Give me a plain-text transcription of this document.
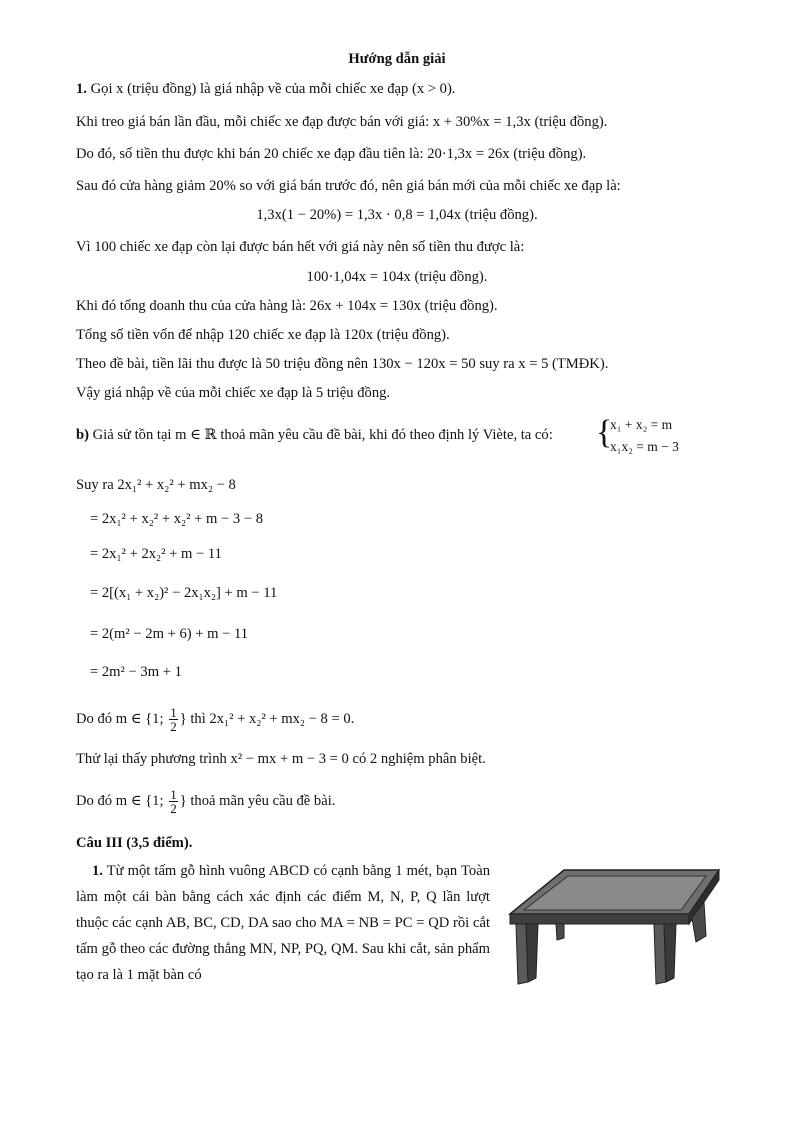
Hướng dẫn giải
1. Gọi x (triệu đồng) là giá nhập về của mỗi chiếc xe đạp (x > 0).
Khi treo giá bán lần đầu, mỗi chiếc xe đạp được bán với giá: x + 30%x = 1,3x (triệu đồng).
Do đó, số tiền thu được khi bán 20 chiếc xe đạp đầu tiên là: 20·1,3x = 26x (triệu đồng).
Sau đó cửa hàng giảm 20% so với giá bán trước đó, nên giá bán mới của mỗi chiếc xe đạp là:
1,3x(1 − 20%) = 1,3x · 0,8 = 1,04x (triệu đồng).
Vì 100 chiếc xe đạp còn lại được bán hết với giá này nên số tiền thu được là:
100·1,04x = 104x (triệu đồng).
Khi đó tổng doanh thu của cửa hàng là: 26x + 104x = 130x (triệu đồng).
Tổng số tiền vốn để nhập 120 chiếc xe đạp là 120x (triệu đồng).
Theo đề bài, tiền lãi thu được là 50 triệu đồng nên 130x − 120x = 50 suy ra x = 5 (TMĐK).
Vậy giá nhập về của mỗi chiếc xe đạp là 5 triệu đồng.
b) Giả sử tồn tại m ∈ ℝ thoả mãn yêu cầu đề bài, khi đó theo định lý Viète, ta có: {
x₁ + x₂ = m
x₁x₂ = m − 3
Suy ra 2x₁² + x₂² + mx₂ − 8
= 2x₁² + x₂² + x₂² + m − 3 − 8
= 2x₁² + 2x₂² + m − 11
= 2[(x₁ + x₂)² − 2x₁x₂] + m − 11
= 2(m² − 2m + 6) + m − 11
= 2m² − 3m + 1
Do đó m ∈ {1; $\frac{1}{2}$ } thì 2x₁² + x₂² + mx₂ − 8 = 0.
Thử lại thấy phương trình x² − mx + m − 3 = 0 có 2 nghiệm phân biệt.
Do đó m ∈ {1; $\frac{1}{2}$ } thoả mãn yêu cầu đề bài.
Câu III (3,5 điểm).
1. Từ một tấm gỗ hình vuông ABCD có cạnh bằng 1 mét, bạn Toàn làm một cái bàn bằng cách xác định các điểm M, N, P, Q lần lượt thuộc các cạnh AB, BC, CD, DA sao cho MA = NB = PC = QD rồi cắt tấm gỗ theo các đường thẳng MN, NP, PQ, QM. Sau khi cắt, sản phẩm tạo ra là 1 mặt bàn có
